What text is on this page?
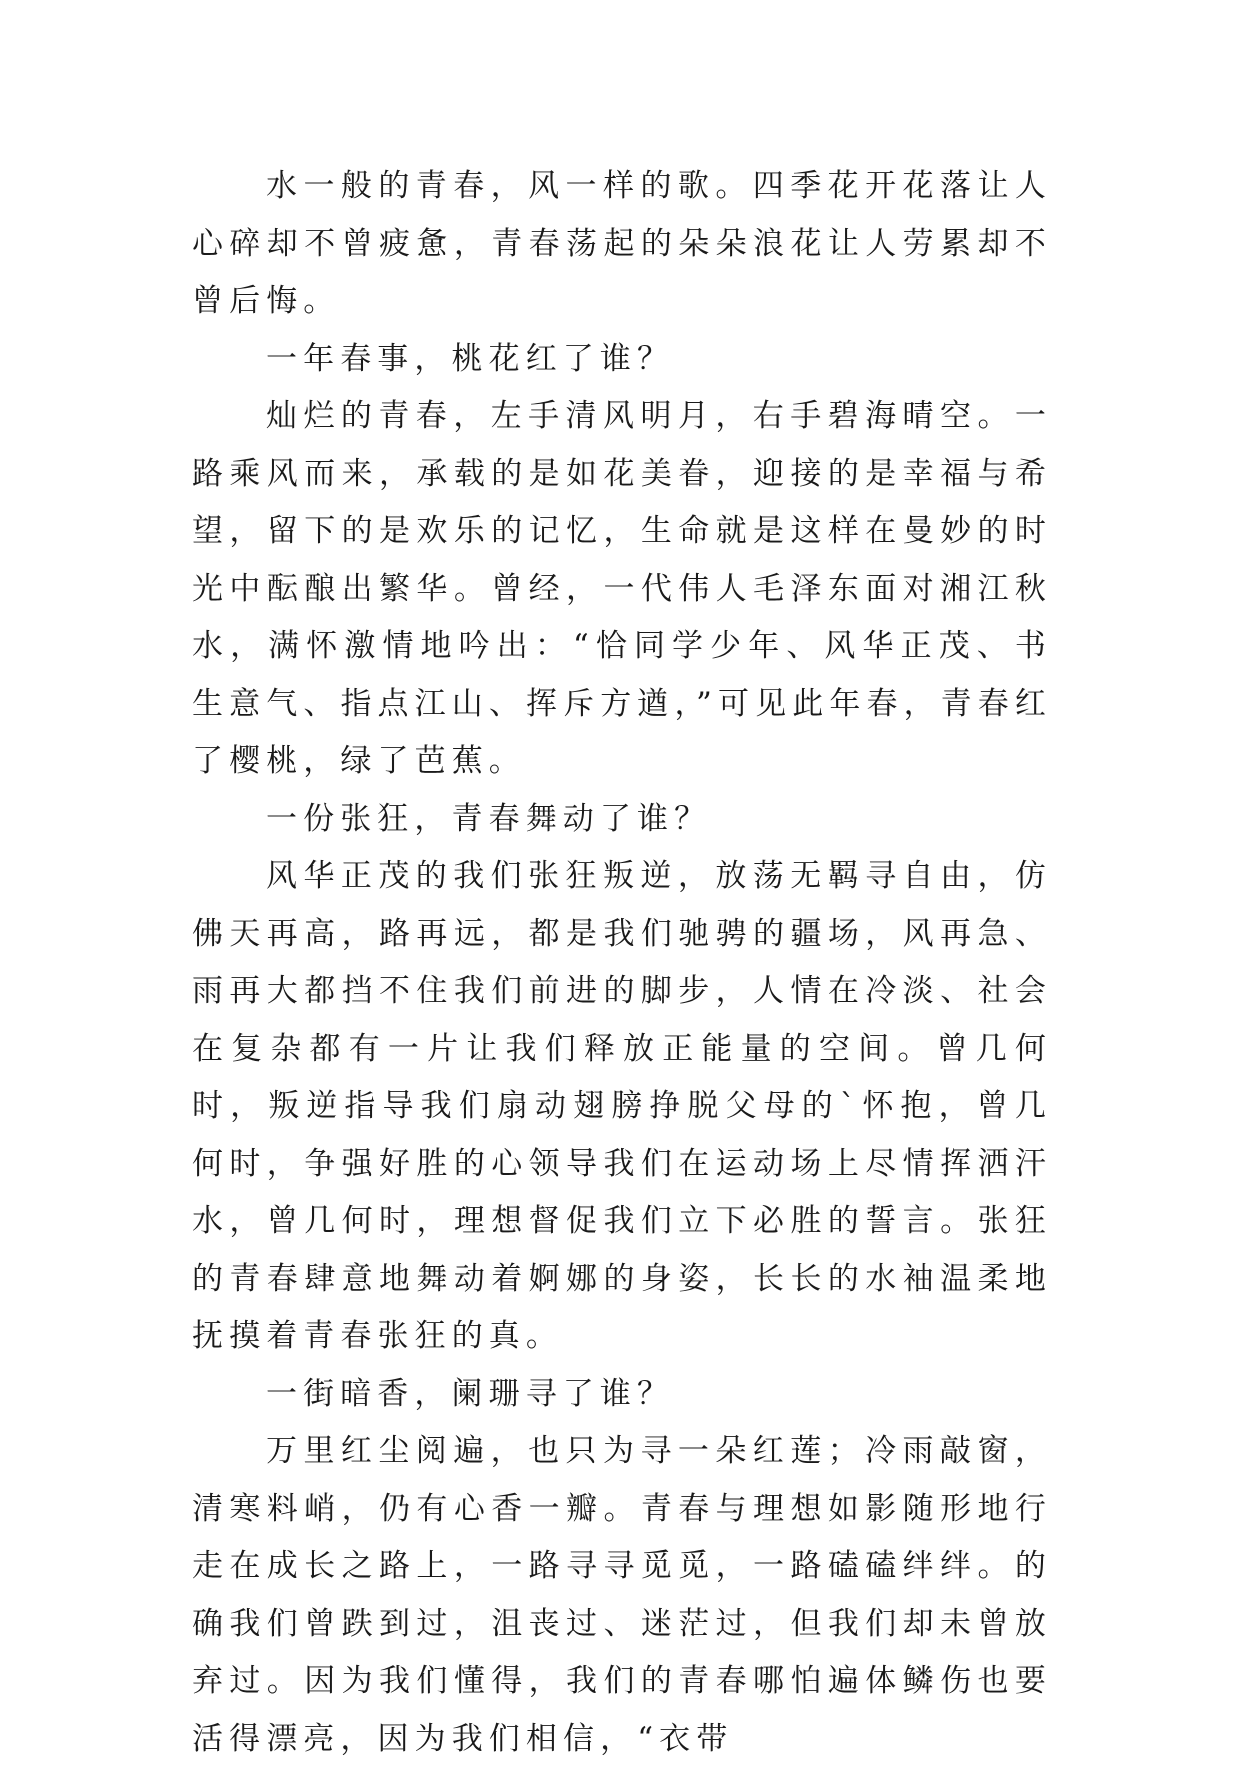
水一般的青春，风一样的歌。四季花开花落让人心碎却不曾疲惫，青春荡起的朵朵浪花让人劳累却不曾后悔。

一年春事，桃花红了谁？

灿烂的青春，左手清风明月，右手碧海晴空。一路乘风而来，承载的是如花美眷，迎接的是幸福与希望，留下的是欢乐的记忆，生命就是这样在曼妙的时光中酝酿出繁华。曾经，一代伟人毛泽东面对湘江秋水，满怀激情地吟出：“恰同学少年、风华正茂、书生意气、指点江山、挥斥方遒，”可见此年春，青春红了樱桃，绿了芭蕉。

一份张狂，青春舞动了谁？

风华正茂的我们张狂叛逆，放荡无羁寻自由，仿佛天再高，路再远，都是我们驰骋的疆场，风再急、雨再大都挡不住我们前进的脚步，人情在冷淡、社会在复杂都有一片让我们释放正能量的空间。曾几何时，叛逆指导我们扇动翅膀挣脱父母的`怀抱，曾几何时，争强好胜的心领导我们在运动场上尽情挥洒汗水，曾几何时，理想督促我们立下必胜的誓言。张狂的青春肆意地舞动着婀娜的身姿，长长的水袖温柔地抚摸着青春张狂的真。

一街暗香，阑珊寻了谁？

万里红尘阅遍，也只为寻一朵红莲；冷雨敲窗，清寒料峭，仍有心香一瓣。青春与理想如影随形地行走在成长之路上，一路寻寻觅觅，一路磕磕绊绊。的确我们曾跌到过，沮丧过、迷茫过，但我们却未曾放弃过。因为我们懂得，我们的青春哪怕遍体鳞伤也要活得漂亮，因为我们相信，“衣带
